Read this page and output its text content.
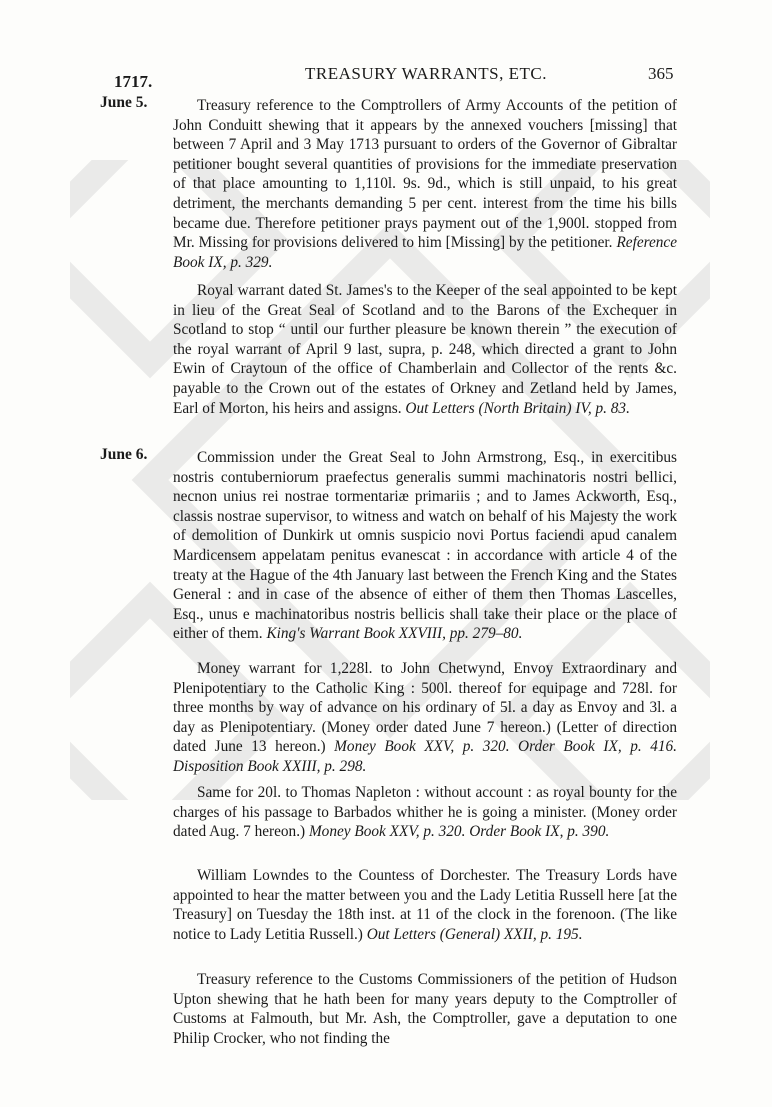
1717.	TREASURY WARRANTS, ETC.	365
June 5.
June 6.
Treasury reference to the Comptrollers of Army Accounts of the petition of John Conduitt shewing that it appears by the annexed vouchers [missing] that between 7 April and 3 May 1713 pursuant to orders of the Governor of Gibraltar petitioner bought several quantities of provisions for the immediate preservation of that place amounting to 1,110l. 9s. 9d., which is still unpaid, to his great detriment, the merchants demanding 5 per cent. interest from the time his bills became due. Therefore petitioner prays payment out of the 1,900l. stopped from Mr. Missing for provisions delivered to him [Missing] by the petitioner. Reference Book IX, p. 329.
Royal warrant dated St. James's to the Keeper of the seal appointed to be kept in lieu of the Great Seal of Scotland and to the Barons of the Exchequer in Scotland to stop “ until our further pleasure be known therein ” the execution of the royal warrant of April 9 last, supra, p. 248, which directed a grant to John Ewin of Craytoun of the office of Chamberlain and Collector of the rents &c. payable to the Crown out of the estates of Orkney and Zetland held by James, Earl of Morton, his heirs and assigns. Out Letters (North Britain) IV, p. 83.
Commission under the Great Seal to John Armstrong, Esq., in exercitibus nostris contuberniorum praefectus generalis summi machinatoris nostri bellici, necnon unius rei nostrae tormentariæ primariis ; and to James Ackworth, Esq., classis nostrae supervisor, to witness and watch on behalf of his Majesty the work of demolition of Dunkirk ut omnis suspicio novi Portus faciendi apud canalem Mardicensem appelatam penitus evanescat : in accordance with article 4 of the treaty at the Hague of the 4th January last between the French King and the States General : and in case of the absence of either of them then Thomas Lascelles, Esq., unus e machinatoribus nostris bellicis shall take their place or the place of either of them. King's Warrant Book XXVIII, pp. 279–80.
Money warrant for 1,228l. to John Chetwynd, Envoy Extraordinary and Plenipotentiary to the Catholic King : 500l. thereof for equipage and 728l. for three months by way of advance on his ordinary of 5l. a day as Envoy and 3l. a day as Plenipotentiary. (Money order dated June 7 hereon.) (Letter of direction dated June 13 hereon.) Money Book XXV, p. 320. Order Book IX, p. 416. Disposition Book XXIII, p. 298.
Same for 20l. to Thomas Napleton : without account : as royal bounty for the charges of his passage to Barbados whither he is going a minister. (Money order dated Aug. 7 hereon.) Money Book XXV, p. 320. Order Book IX, p. 390.
William Lowndes to the Countess of Dorchester. The Treasury Lords have appointed to hear the matter between you and the Lady Letitia Russell here [at the Treasury] on Tuesday the 18th inst. at 11 of the clock in the forenoon. (The like notice to Lady Letitia Russell.) Out Letters (General) XXII, p. 195.
Treasury reference to the Customs Commissioners of the petition of Hudson Upton shewing that he hath been for many years deputy to the Comptroller of Customs at Falmouth, but Mr. Ash, the Comptroller, gave a deputation to one Philip Crocker, who not finding the
